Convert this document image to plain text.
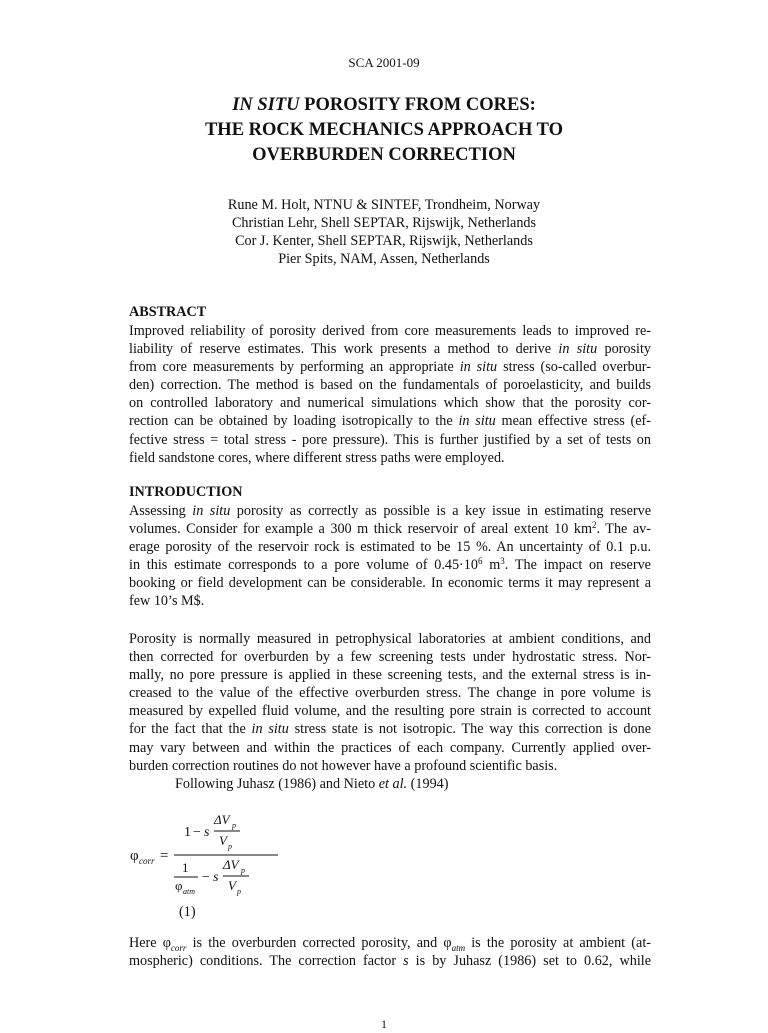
SCA 2001-09
IN SITU POROSITY FROM CORES:
THE ROCK MECHANICS APPROACH TO
OVERBURDEN CORRECTION
Rune M. Holt, NTNU & SINTEF, Trondheim, Norway
Christian Lehr, Shell SEPTAR, Rijswijk, Netherlands
Cor J. Kenter, Shell SEPTAR, Rijswijk, Netherlands
Pier Spits, NAM, Assen, Netherlands
ABSTRACT
Improved reliability of porosity derived from core measurements leads to improved re-
liability of reserve estimates. This work presents a method to derive in situ porosity
from core measurements by performing an appropriate in situ stress (so-called overbur-
den) correction. The method is based on the fundamentals of poroelasticity, and builds
on controlled laboratory and numerical simulations which show that the porosity cor-
rection can be obtained by loading isotropically to the in situ mean effective stress (ef-
fective stress = total stress - pore pressure). This is further justified by a set of tests on
field sandstone cores, where different stress paths were employed.
INTRODUCTION
Assessing in situ porosity as correctly as possible is a key issue in estimating reserve
volumes. Consider for example a 300 m thick reservoir of areal extent 10 $km^2$. The av-
erage porosity of the reservoir rock is estimated to be 15 %. An uncertainty of 0.1 p.u.
in this estimate corresponds to a pore volume of $0.45\cdot 10^6$ $m^3$. The impact on reserve
booking or field development can be considerable. In economic terms it may represent a
few 10’s M$.
Porosity is normally measured in petrophysical laboratories at ambient conditions, and
then corrected for overburden by a few screening tests under hydrostatic stress. Nor-
mally, no pore pressure is applied in these screening tests, and the external stress is in-
creased to the value of the effective overburden stress. The change in pore volume is
measured by expelled fluid volume, and the resulting pore strain is corrected to account
for the fact that the in situ stress state is not isotropic. The way this correction is done
may vary between and within the practices of each company. Currently applied over-
burden correction routines do not however have a profound scientific basis.
Following Juhasz (1986) and Nieto et al. (1994)
φ corr =
1 − s
ΔV p
V p
1
φ atm
− s
ΔV p
V p
(1)
Here $\varphi_{corr}$ is the overburden corrected porosity, and $\varphi_{atm}$ is the porosity at ambient (at-
mospheric) conditions. The correction factor s is by Juhasz (1986) set to 0.62, while
1
